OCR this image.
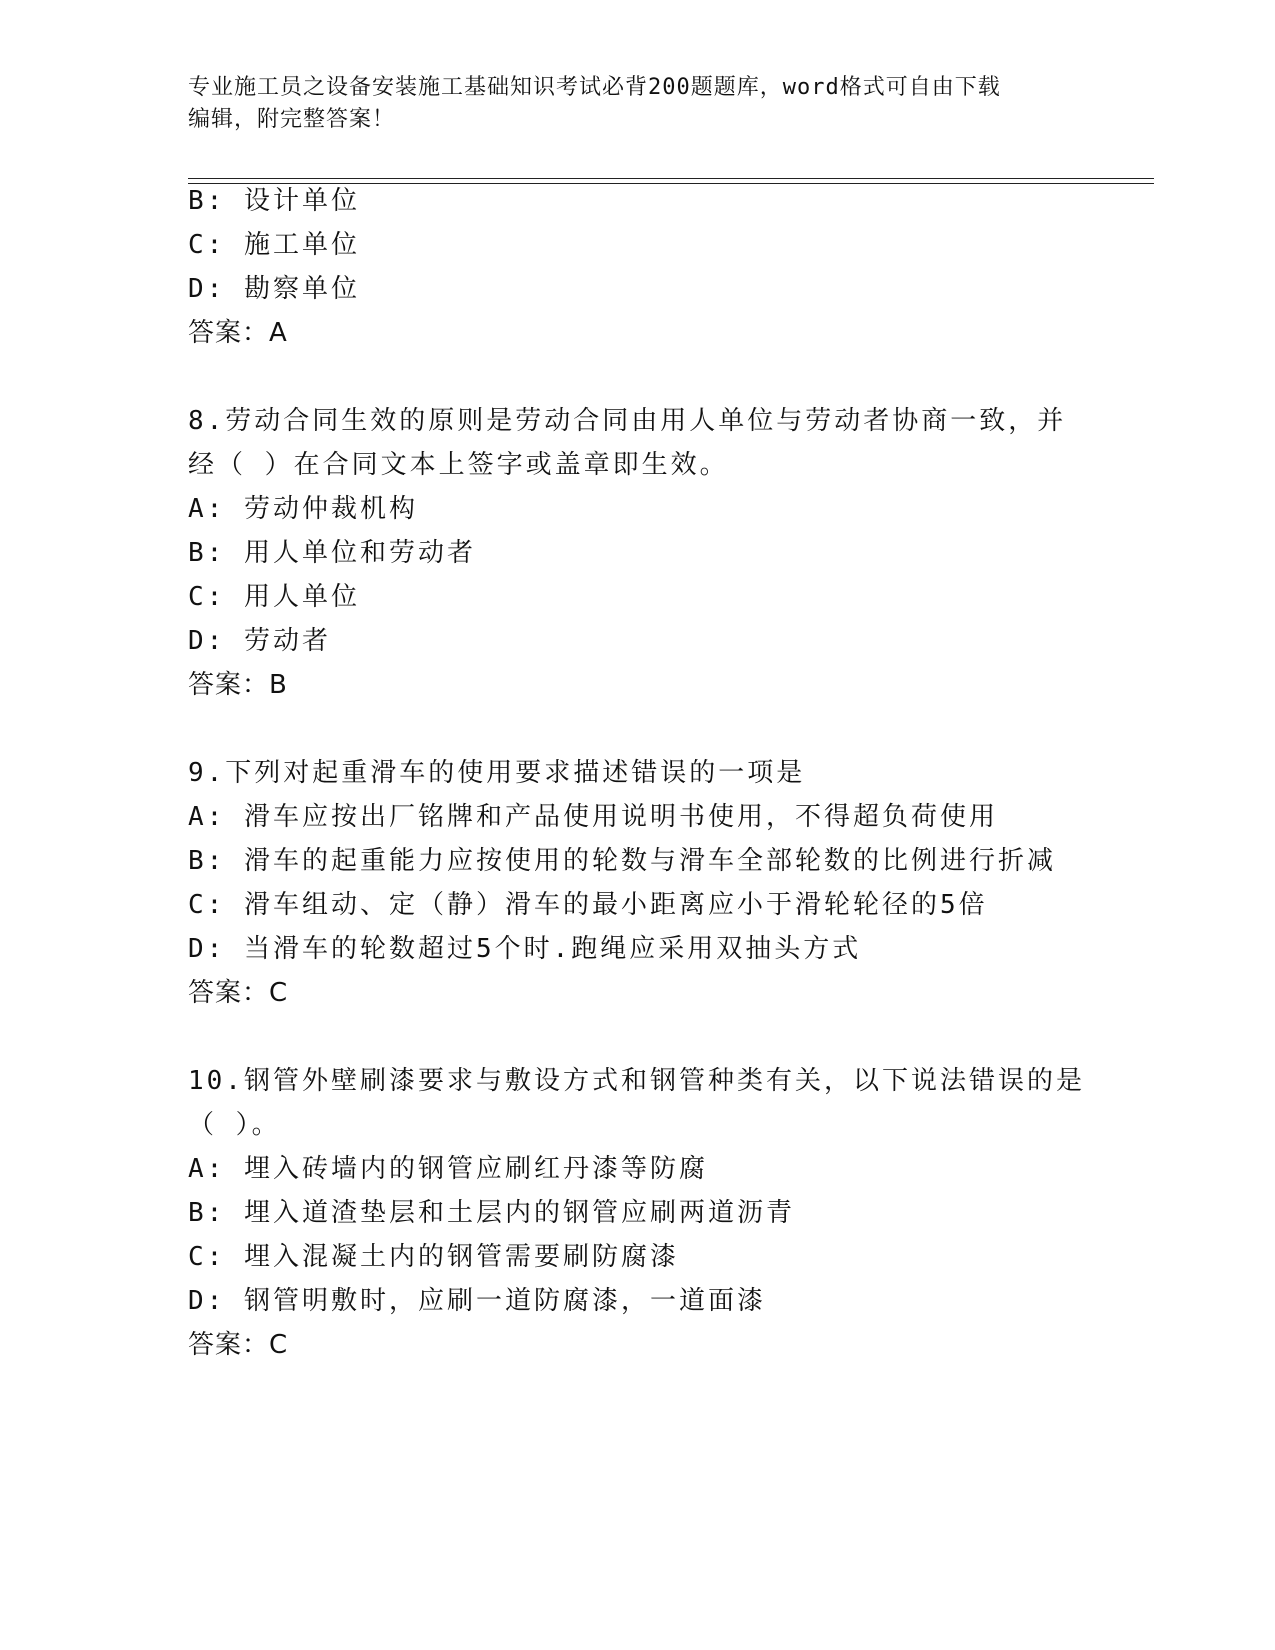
专业施工员之设备安装施工基础知识考试必背200题题库，word格式可自由下载
编辑，附完整答案！
B: 设计单位
C: 施工单位
D: 勘察单位
答案：A
8.劳动合同生效的原则是劳动合同由用人单位与劳动者协商一致，并
经（ ）在合同文本上签字或盖章即生效。
A: 劳动仲裁机构
B: 用人单位和劳动者
C: 用人单位
D: 劳动者
答案：B
9.下列对起重滑车的使用要求描述错误的一项是
A: 滑车应按出厂铭牌和产品使用说明书使用，不得超负荷使用
B: 滑车的起重能力应按使用的轮数与滑车全部轮数的比例进行折减
C: 滑车组动、定（静）滑车的最小距离应小于滑轮轮径的5倍
D: 当滑车的轮数超过5个时.跑绳应采用双抽头方式
答案：C
10.钢管外壁刷漆要求与敷设方式和钢管种类有关，以下说法错误的是
（ ）。
A: 埋入砖墙内的钢管应刷红丹漆等防腐
B: 埋入道渣垫层和土层内的钢管应刷两道沥青
C: 埋入混凝土内的钢管需要刷防腐漆
D: 钢管明敷时，应刷一道防腐漆，一道面漆
答案：C
